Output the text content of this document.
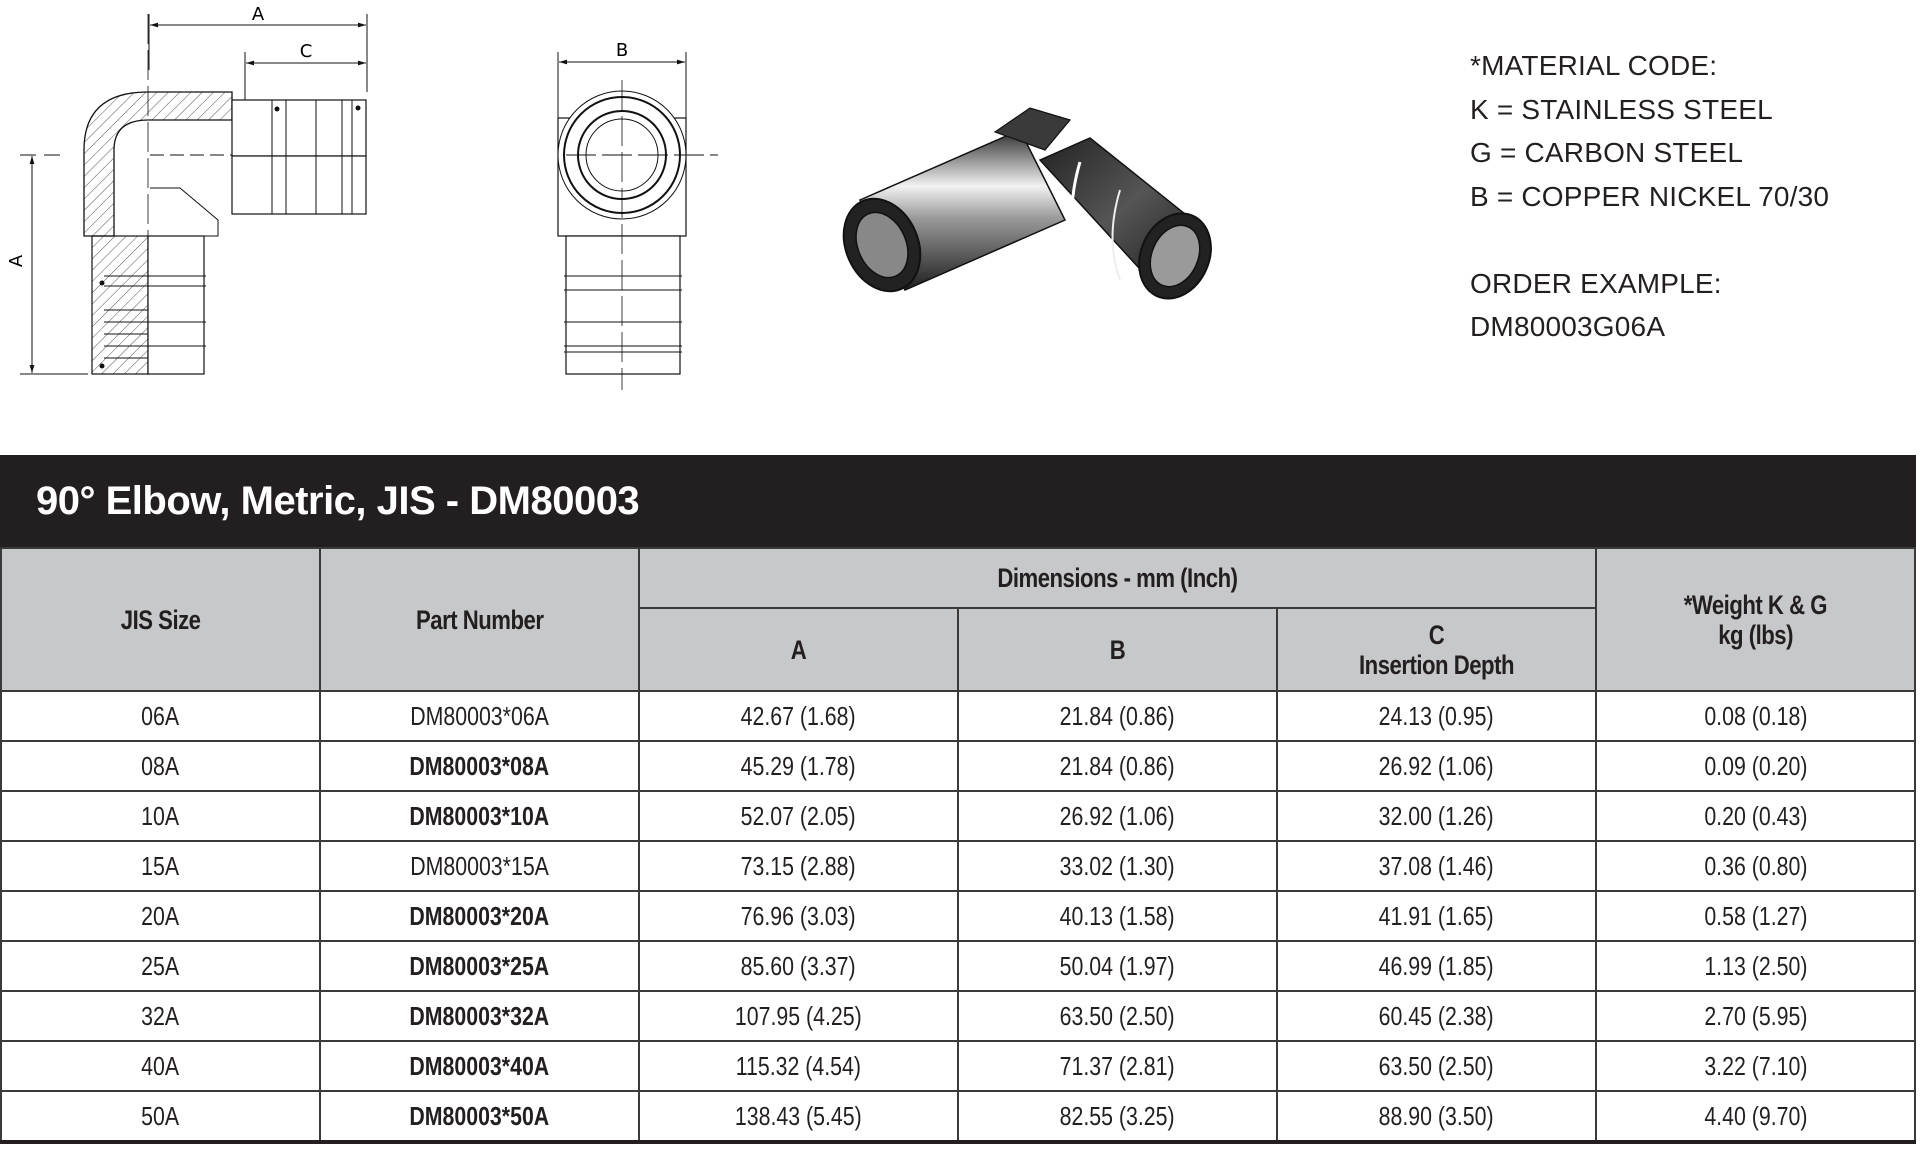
A
C
A
B	*MATERIAL CODE:
K = STAINLESS STEEL
G = CARBON STEEL
B = COPPER NICKEL 70/30
ORDER EXAMPLE:
DM80003G06A
90° Elbow, Metric, JIS - DM80003
JIS Size	Part Number	Dimensions - mm (Inch)			*Weight K & G
kg (lbs)
		A	B	C
Insertion Depth	
06A	DM80003*06A	42.67 (1.68)	21.84 (0.86)	24.13 (0.95)	0.08 (0.18)
08A	DM80003*08A	45.29 (1.78)	21.84 (0.86)	26.92 (1.06)	0.09 (0.20)
10A	DM80003*10A	52.07 (2.05)	26.92 (1.06)	32.00 (1.26)	0.20 (0.43)
15A	DM80003*15A	73.15 (2.88)	33.02 (1.30)	37.08 (1.46)	0.36 (0.80)
20A	DM80003*20A	76.96 (3.03)	40.13 (1.58)	41.91 (1.65)	0.58 (1.27)
25A	DM80003*25A	85.60 (3.37)	50.04 (1.97)	46.99 (1.85)	1.13 (2.50)
32A	DM80003*32A	107.95 (4.25)	63.50 (2.50)	60.45 (2.38)	2.70 (5.95)
40A	DM80003*40A	115.32 (4.54)	71.37 (2.81)	63.50 (2.50)	3.22 (7.10)
50A	DM80003*50A	138.43 (5.45)	82.55 (3.25)	88.90 (3.50)	4.40 (9.70)
